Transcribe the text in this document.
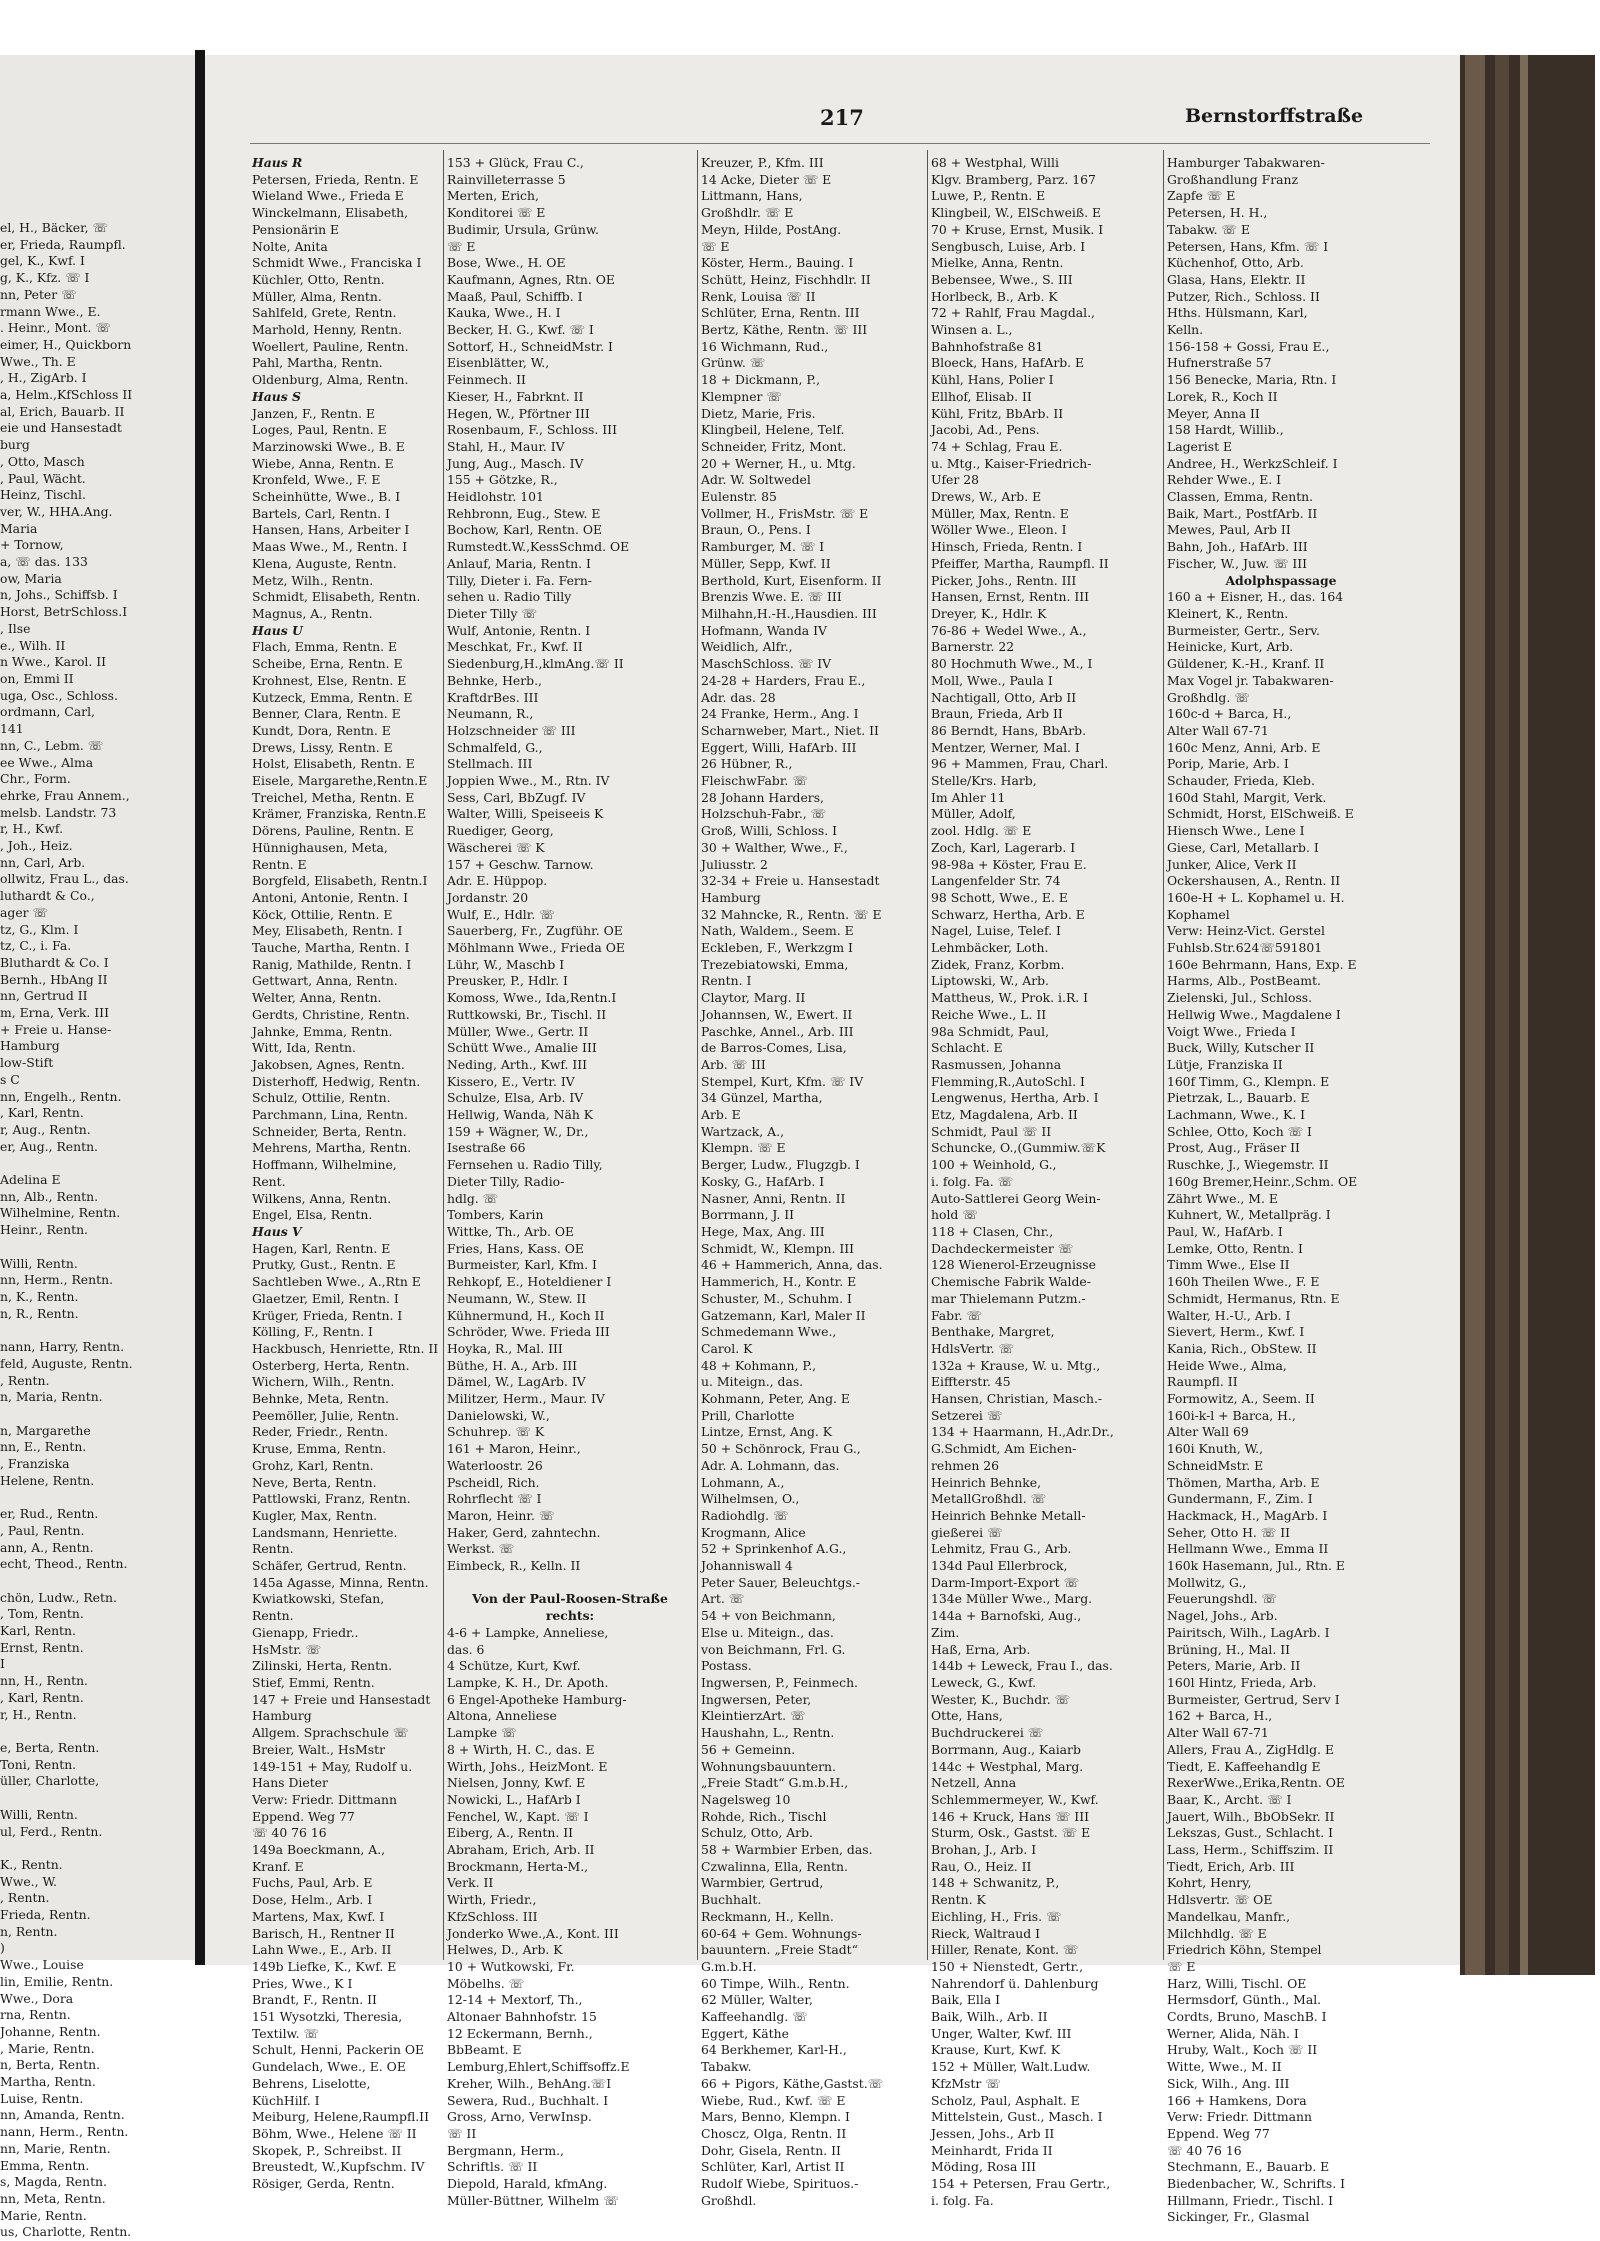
el, H., Bäcker, ☏
er, Frieda, Raumpfl.
gel, K., Kwf. I
g, K., Kfz. ☏ I
nn, Peter ☏
rmann Wwe., E.
. Heinr., Mont. ☏
eimer, H., Quickborn
Wwe., Th. E
, H., ZigArb. I
a, Helm.,KfSchloss II
al, Erich, Bauarb. II
eie und Hansestadt
burg
, Otto, Masch
, Paul, Wächt.
Heinz, Tischl.
ver, W., HHA.Ang.
Maria
+ Tornow,
a, ☏ das. 133
ow, Maria
n, Johs., Schiffsb. I
Horst, BetrSchloss.I
, Ilse
e., Wilh. II
n Wwe., Karol. II
on, Emmi II
uga, Osc., Schloss.
ordmann, Carl,
141
nn, C., Lebm. ☏
ee Wwe., Alma
Chr., Form.
ehrke, Frau Annem.,
melsb. Landstr. 73
r, H., Kwf.
, Joh., Heiz.
nn, Carl, Arb.
ollwitz, Frau L., das.
luthardt & Co.,
ager ☏
tz, G., Klm. I
tz, C., i. Fa.
Bluthardt & Co. I
Bernh., HbAng II
nn, Gertrud II
m, Erna, Verk. III
+ Freie u. Hanse-
Hamburg
low-Stift
s C
nn, Engelh., Rentn.
, Karl, Rentn.
r, Aug., Rentn.
er, Aug., Rentn.

Adelina E
nn, Alb., Rentn.
Wilhelmine, Rentn.
Heinr., Rentn.

Willi, Rentn.
nn, Herm., Rentn.
n, K., Rentn.
n, R., Rentn.

nann, Harry, Rentn.
feld, Auguste, Rentn.
, Rentn.
n, Maria, Rentn.

n, Margarethe
nn, E., Rentn.
, Franziska
Helene, Rentn.

er, Rud., Rentn.
, Paul, Rentn.
ann, A., Rentn.
echt, Theod., Rentn.

chön, Ludw., Retn.
, Tom, Rentn.
Karl, Rentn.
Ernst, Rentn.
I
nn, H., Rentn.
, Karl, Rentn.
r, H., Rentn.

e, Berta, Rentn.
Toni, Rentn.
üller, Charlotte,

Willi, Rentn.
ul, Ferd., Rentn.

K., Rentn.
Wwe., W.
, Rentn.
Frieda, Rentn.
n, Rentn.
)
Wwe., Louise
lin, Emilie, Rentn.
Wwe., Dora
rna, Rentn.
Johanne, Rentn.
, Marie, Rentn.
n, Berta, Rentn.
Martha, Rentn.
Luise, Rentn.
nn, Amanda, Rentn.
nann, Herm., Rentn.
nn, Marie, Rentn.
Emma, Rentn.
s, Magda, Rentn.
nn, Meta, Rentn.
Marie, Rentn.
us, Charlotte, Rentn.
217	Bernstorffstraße
Haus R
Petersen, Frieda, Rentn. E
Wieland Wwe., Frieda E
Winckelmann, Elisabeth,
Pensionärin E
Nolte, Anita
Schmidt Wwe., Franciska I
Küchler, Otto, Rentn.
Müller, Alma, Rentn.
Sahlfeld, Grete, Rentn.
Marhold, Henny, Rentn.
Woellert, Pauline, Rentn.
Pahl, Martha, Rentn.
Oldenburg, Alma, Rentn.
Haus S
Janzen, F., Rentn. E
Loges, Paul, Rentn. E
Marzinowski Wwe., B. E
Wiebe, Anna, Rentn. E
Kronfeld, Wwe., F. E
Scheinhütte, Wwe., B. I
Bartels, Carl, Rentn. I
Hansen, Hans, Arbeiter I
Maas Wwe., M., Rentn. I
Klena, Auguste, Rentn.
Metz, Wilh., Rentn.
Schmidt, Elisabeth, Rentn.
Magnus, A., Rentn.
Haus U
Flach, Emma, Rentn. E
Scheibe, Erna, Rentn. E
Krohnest, Else, Rentn. E
Kutzeck, Emma, Rentn. E
Benner, Clara, Rentn. E
Kundt, Dora, Rentn. E
Drews, Lissy, Rentn. E
Holst, Elisabeth, Rentn. E
Eisele, Margarethe,Rentn.E
Treichel, Metha, Rentn. E
Krämer, Franziska, Rentn.E
Dörens, Pauline, Rentn. E
Hünnighausen, Meta,
Rentn. E
Borgfeld, Elisabeth, Rentn.I
Antoni, Antonie, Rentn. I
Köck, Ottilie, Rentn. E
Mey, Elisabeth, Rentn. I
Tauche, Martha, Rentn. I
Ranig, Mathilde, Rentn. I
Gettwart, Anna, Rentn.
Welter, Anna, Rentn.
Gerdts, Christine, Rentn.
Jahnke, Emma, Rentn.
Witt, Ida, Rentn.
Jakobsen, Agnes, Rentn.
Disterhoff, Hedwig, Rentn.
Schulz, Ottilie, Rentn.
Parchmann, Lina, Rentn.
Schneider, Berta, Rentn.
Mehrens, Martha, Rentn.
Hoffmann, Wilhelmine,
Rent.
Wilkens, Anna, Rentn.
Engel, Elsa, Rentn.
Haus V
Hagen, Karl, Rentn. E
Prutky, Gust., Rentn. E
Sachtleben Wwe., A.,Rtn E
Glaetzer, Emil, Rentn. I
Krüger, Frieda, Rentn. I
Kölling, F., Rentn. I
Hackbusch, Henriette, Rtn. II
Osterberg, Herta, Rentn.
Wichern, Wilh., Rentn.
Behnke, Meta, Rentn.
Peemöller, Julie, Rentn.
Reder, Friedr., Rentn.
Kruse, Emma, Rentn.
Grohz, Karl, Rentn.
Neve, Berta, Rentn.
Pattlowski, Franz, Rentn.
Kugler, Max, Rentn.
Landsmann, Henriette.
Rentn.
Schäfer, Gertrud, Rentn.
145a Agasse, Minna, Rentn.
Kwiatkowski, Stefan,
Rentn.
Gienapp, Friedr..
HsMstr. ☏
Zilinski, Herta, Rentn.
Stief, Emmi, Rentn.
147 + Freie und Hansestadt
Hamburg
Allgem. Sprachschule ☏
Breier, Walt., HsMstr
149-151 + May, Rudolf u.
Hans Dieter
Verw: Friedr. Dittmann
Eppend. Weg 77
☏ 40 76 16
149a Boeckmann, A.,
Kranf. E
Fuchs, Paul, Arb. E
Dose, Helm., Arb. I
Martens, Max, Kwf. I
Barisch, H., Rentner II
Lahn Wwe., E., Arb. II
149b Liefke, K., Kwf. E
Pries, Wwe., K I
Brandt, F., Rentn. II
151 Wysotzki, Theresia,
Textilw. ☏
Schult, Henni, Packerin OE
Gundelach, Wwe., E. OE
Behrens, Liselotte,
KüchHilf. I
Meiburg, Helene,Raumpfl.II
Böhm, Wwe., Helene ☏ II
Skopek, P., Schreibst. II
Breustedt, W.,Kupfschm. IV
Rösiger, Gerda, Rentn.
153 + Glück, Frau C.,
Rainvilleterrasse 5
Merten, Erich,
Konditorei ☏ E
Budimir, Ursula, Grünw.
☏ E
Bose, Wwe., H. OE
Kaufmann, Agnes, Rtn. OE
Maaß, Paul, Schiffb. I
Kauka, Wwe., H. I
Becker, H. G., Kwf. ☏ I
Sottorf, H., SchneidMstr. I
Eisenblätter, W.,
Feinmech. II
Kieser, H., Fabrknt. II
Hegen, W., Pförtner III
Rosenbaum, F., Schloss. III
Stahl, H., Maur. IV
Jung, Aug., Masch. IV
155 + Götzke, R.,
Heidlohstr. 101
Rehbronn, Eug., Stew. E
Bochow, Karl, Rentn. OE
Rumstedt.W.,KessSchmd. OE
Anlauf, Maria, Rentn. I
Tilly, Dieter i. Fa. Fern-
sehen u. Radio Tilly
Dieter Tilly ☏
Wulf, Antonie, Rentn. I
Meschkat, Fr., Kwf. II
Siedenburg,H.,klmAng.☏ II
Behnke, Herb.,
KraftdrBes. III
Neumann, R.,
Holzschneider ☏ III
Schmalfeld, G.,
Stellmach. III
Joppien Wwe., M., Rtn. IV
Sess, Carl, BbZugf. IV
Walter, Willi, Speiseeis K
Ruediger, Georg,
Wäscherei ☏ K
157 + Geschw. Tarnow.
Adr. E. Hüppop.
Jordanstr. 20
Wulf, E., Hdlr. ☏
Sauerberg, Fr., Zugführ. OE
Möhlmann Wwe., Frieda OE
Lühr, W., Maschb I
Preusker, P., Hdlr. I
Komoss, Wwe., Ida,Rentn.I
Ruttkowski, Br., Tischl. II
Müller, Wwe., Gertr. II
Schütt Wwe., Amalie III
Neding, Arth., Kwf. III
Kissero, E., Vertr. IV
Schulze, Elsa, Arb. IV
Hellwig, Wanda, Näh K
159 + Wägner, W., Dr.,
Isestraße 66
Fernsehen u. Radio Tilly,
Dieter Tilly, Radio-
hdlg. ☏
Tombers, Karin
Wittke, Th., Arb. OE
Fries, Hans, Kass. OE
Burmeister, Karl, Kfm. I
Rehkopf, E., Hoteldiener I
Neumann, W., Stew. II
Kühnermund, H., Koch II
Schröder, Wwe. Frieda III
Hoyka, R., Mal. III
Büthe, H. A., Arb. III
Dämel, W., LagArb. IV
Militzer, Herm., Maur. IV
Danielowski, W.,
Schuhrep. ☏ K
161 + Maron, Heinr.,
Waterloostr. 26
Pscheidl, Rich.
Rohrflecht ☏ I
Maron, Heinr. ☏
Haker, Gerd, zahntechn.
Werkst. ☏
Eimbeck, R., Kelln. II

Von der Paul-Roosen-Straße
rechts:
4-6 + Lampke, Anneliese,
das. 6
4 Schütze, Kurt, Kwf.
Lampke, K. H., Dr. Apoth.
6 Engel-Apotheke Hamburg-
Altona, Anneliese
Lampke ☏
8 + Wirth, H. C., das. E
Wirth, Johs., HeizMont. E
Nielsen, Jonny, Kwf. E
Nowicki, L., HafArb I
Fenchel, W., Kapt. ☏ I
Eiberg, A., Rentn. II
Abraham, Erich, Arb. II
Brockmann, Herta-M.,
Verk. II
Wirth, Friedr.,
KfzSchloss. III
Jonderko Wwe.,A., Kont. III
Helwes, D., Arb. K
10 + Wutkowski, Fr.
Möbelhs. ☏
12-14 + Mextorf, Th.,
Altonaer Bahnhofstr. 15
12 Eckermann, Bernh.,
BbBeamt. E
Lemburg,Ehlert,Schiffsoffz.E
Kreher, Wilh., BehAng.☏I
Sewera, Rud., Buchhalt. I
Gross, Arno, VerwInsp.
☏ II
Bergmann, Herm.,
Schriftls. ☏ II
Diepold, Harald, kfmAng.
Müller-Büttner, Wilhelm ☏
Kreuzer, P., Kfm. III
14 Acke, Dieter ☏ E
Littmann, Hans,
Großhdlr. ☏ E
Meyn, Hilde, PostAng.
☏ E
Köster, Herm., Bauing. I
Schütt, Heinz, Fischhdlr. II
Renk, Louisa ☏ II
Schlüter, Erna, Rentn. III
Bertz, Käthe, Rentn. ☏ III
16 Wichmann, Rud.,
Grünw. ☏
18 + Dickmann, P.,
Klempner ☏
Dietz, Marie, Fris.
Klingbeil, Helene, Telf.
Schneider, Fritz, Mont.
20 + Werner, H., u. Mtg.
Adr. W. Soltwedel
Eulenstr. 85
Vollmer, H., FrisMstr. ☏ E
Braun, O., Pens. I
Ramburger, M. ☏ I
Müller, Sepp, Kwf. II
Berthold, Kurt, Eisenform. II
Brenzis Wwe. E. ☏ III
Milhahn,H.-H.,Hausdien. III
Hofmann, Wanda IV
Weidlich, Alfr.,
MaschSchloss. ☏ IV
24-28 + Harders, Frau E.,
Adr. das. 28
24 Franke, Herm., Ang. I
Scharnweber, Mart., Niet. II
Eggert, Willi, HafArb. III
26 Hübner, R.,
FleischwFabr. ☏
28 Johann Harders,
Holzschuh-Fabr., ☏
Groß, Willi, Schloss. I
30 + Walther, Wwe., F.,
Juliusstr. 2
32-34 + Freie u. Hansestadt
Hamburg
32 Mahncke, R., Rentn. ☏ E
Nath, Waldem., Seem. E
Eckleben, F., Werkzgm I
Trezebiatowski, Emma,
Rentn. I
Claytor, Marg. II
Johannsen, W., Ewert. II
Paschke, Annel., Arb. III
de Barros-Comes, Lisa,
Arb. ☏ III
Stempel, Kurt, Kfm. ☏ IV
34 Günzel, Martha,
Arb. E
Wartzack, A.,
Klempn. ☏ E
Berger, Ludw., Flugzgb. I
Kosky, G., HafArb. I
Nasner, Anni, Rentn. II
Borrmann, J. II
Hege, Max, Ang. III
Schmidt, W., Klempn. III
46 + Hammerich, Anna, das.
Hammerich, H., Kontr. E
Schuster, M., Schuhm. I
Gatzemann, Karl, Maler II
Schmedemann Wwe.,
Carol. K
48 + Kohmann, P.,
u. Miteign., das.
Kohmann, Peter, Ang. E
Prill, Charlotte
Lintze, Ernst, Ang. K
50 + Schönrock, Frau G.,
Adr. A. Lohmann, das.
Lohmann, A.,
Wilhelmsen, O.,
Radiohdlg. ☏
Krogmann, Alice
52 + Sprinkenhof A.G.,
Johanniswall 4
Peter Sauer, Beleuchtgs.-
Art. ☏
54 + von Beichmann,
Else u. Miteign., das.
von Beichmann, Frl. G.
Postass.
Ingwersen, P., Feinmech.
Ingwersen, Peter,
KleintierzArt. ☏
Haushahn, L., Rentn.
56 + Gemeinn.
Wohnungsbauuntern.
„Freie Stadt“ G.m.b.H.,
Nagelsweg 10
Rohde, Rich., Tischl
Schulz, Otto, Arb.
58 + Warmbier Erben, das.
Czwalinna, Ella, Rentn.
Warmbier, Gertrud,
Buchhalt.
Reckmann, H., Kelln.
60-64 + Gem. Wohnungs-
bauuntern. „Freie Stadt“
G.m.b.H.
60 Timpe, Wilh., Rentn.
62 Müller, Walter,
Kaffeehandlg. ☏
Eggert, Käthe
64 Berkhemer, Karl-H.,
Tabakw.
66 + Pigors, Käthe,Gastst.☏
Wiebe, Rud., Kwf. ☏ E
Mars, Benno, Klempn. I
Choscz, Olga, Rentn. II
Dohr, Gisela, Rentn. II
Schlüter, Karl, Artist II
Rudolf Wiebe, Spirituos.-
Großhdl.
68 + Westphal, Willi
Klgv. Bramberg, Parz. 167
Luwe, P., Rentn. E
Klingbeil, W., ElSchweiß. E
70 + Kruse, Ernst, Musik. I
Sengbusch, Luise, Arb. I
Mielke, Anna, Rentn.
Bebensee, Wwe., S. III
Horlbeck, B., Arb. K
72 + Rahlf, Frau Magdal.,
Winsen a. L.,
Bahnhofstraße 81
Bloeck, Hans, HafArb. E
Kühl, Hans, Polier I
Ellhof, Elisab. II
Kühl, Fritz, BbArb. II
Jacobi, Ad., Pens.
74 + Schlag, Frau E.
u. Mtg., Kaiser-Friedrich-
Ufer 28
Drews, W., Arb. E
Müller, Max, Rentn. E
Wöller Wwe., Eleon. I
Hinsch, Frieda, Rentn. I
Pfeiffer, Martha, Raumpfl. II
Picker, Johs., Rentn. III
Hansen, Ernst, Rentn. III
Dreyer, K., Hdlr. K
76-86 + Wedel Wwe., A.,
Barnerstr. 22
80 Hochmuth Wwe., M., I
Moll, Wwe., Paula I
Nachtigall, Otto, Arb II
Braun, Frieda, Arb II
86 Berndt, Hans, BbArb.
Mentzer, Werner, Mal. I
96 + Mammen, Frau, Charl.
Stelle/Krs. Harb,
Im Ahler 11
Müller, Adolf,
zool. Hdlg. ☏ E
Zoch, Karl, Lagerarb. I
98-98a + Köster, Frau E.
Langenfelder Str. 74
98 Schott, Wwe., E. E
Schwarz, Hertha, Arb. E
Nagel, Luise, Telef. I
Lehmbäcker, Loth.
Zidek, Franz, Korbm.
Liptowski, W., Arb.
Mattheus, W., Prok. i.R. I
Reiche Wwe., L. II
98a Schmidt, Paul,
Schlacht. E
Rasmussen, Johanna
Flemming,R.,AutoSchl. I
Lengwenus, Hertha, Arb. I
Etz, Magdalena, Arb. II
Schmidt, Paul ☏ II
Schuncke, O.,(Gummiw.☏K
100 + Weinhold, G.,
i. folg. Fa. ☏
Auto-Sattlerei Georg Wein-
hold ☏
118 + Clasen, Chr.,
Dachdeckermeister ☏
128 Wienerol-Erzeugnisse
Chemische Fabrik Walde-
mar Thielemann Putzm.-
Fabr. ☏
Benthake, Margret,
HdlsVertr. ☏
132a + Krause, W. u. Mtg.,
Eiffterstr. 45
Hansen, Christian, Masch.-
Setzerei ☏
134 + Haarmann, H.,Adr.Dr.,
G.Schmidt, Am Eichen-
rehmen 26
Heinrich Behnke,
MetallGroßhdl. ☏
Heinrich Behnke Metall-
gießerei ☏
Lehmitz, Frau G., Arb.
134d Paul Ellerbrock,
Darm-Import-Export ☏
134e Müller Wwe., Marg.
144a + Barnofski, Aug.,
Zim.
Haß, Erna, Arb.
144b + Leweck, Frau I., das.
Leweck, G., Kwf.
Wester, K., Buchdr. ☏
Otte, Hans,
Buchdruckerei ☏
Borrmann, Aug., Kaiarb
144c + Westphal, Marg.
Netzell, Anna
Schlemmermeyer, W., Kwf.
146 + Kruck, Hans ☏ III
Sturm, Osk., Gastst. ☏ E
Brohan, J., Arb. I
Rau, O., Heiz. II
148 + Schwanitz, P.,
Rentn. K
Eichling, H., Fris. ☏
Rieck, Waltraud I
Hiller, Renate, Kont. ☏
150 + Nienstedt, Gertr.,
Nahrendorf ü. Dahlenburg
Baik, Ella I
Baik, Wilh., Arb. II
Unger, Walter, Kwf. III
Krause, Kurt, Kwf. K
152 + Müller, Walt.Ludw.
KfzMstr ☏
Scholz, Paul, Asphalt. E
Mittelstein, Gust., Masch. I
Jessen, Johs., Arb II
Meinhardt, Frida II
Möding, Rosa III
154 + Petersen, Frau Gertr.,
i. folg. Fa.
Hamburger Tabakwaren-
Großhandlung Franz
Zapfe ☏ E
Petersen, H. H.,
Tabakw. ☏ E
Petersen, Hans, Kfm. ☏ I
Küchenhof, Otto, Arb.
Glasa, Hans, Elektr. II
Putzer, Rich., Schloss. II
Hths. Hülsmann, Karl,
Kelln.
156-158 + Gossi, Frau E.,
Hufnerstraße 57
156 Benecke, Maria, Rtn. I
Lorek, R., Koch II
Meyer, Anna II
158 Hardt, Willib.,
Lagerist E
Andree, H., WerkzSchleif. I
Rehder Wwe., E. I
Classen, Emma, Rentn.
Baik, Mart., PostfArb. II
Mewes, Paul, Arb II
Bahn, Joh., HafArb. III
Fischer, W., Juw. ☏ III
Adolphspassage
160 a + Eisner, H., das. 164
Kleinert, K., Rentn.
Burmeister, Gertr., Serv.
Heinicke, Kurt, Arb.
Güldener, K.-H., Kranf. II
Max Vogel jr. Tabakwaren-
Großhdlg. ☏
160c-d + Barca, H.,
Alter Wall 67-71
160c Menz, Anni, Arb. E
Porip, Marie, Arb. I
Schauder, Frieda, Kleb.
160d Stahl, Margit, Verk.
Schmidt, Horst, ElSchweiß. E
Hiensch Wwe., Lene I
Giese, Carl, Metallarb. I
Junker, Alice, Verk II
Ockershausen, A., Rentn. II
160e-H + L. Kophamel u. H.
Kophamel
Verw: Heinz-Vict. Gerstel
Fuhlsb.Str.624☏591801
160e Behrmann, Hans, Exp. E
Harms, Alb., PostBeamt.
Zielenski, Jul., Schloss.
Hellwig Wwe., Magdalene I
Voigt Wwe., Frieda I
Buck, Willy, Kutscher II
Lütje, Franziska II
160f Timm, G., Klempn. E
Pietrzak, L., Bauarb. E
Lachmann, Wwe., K. I
Schlee, Otto, Koch ☏ I
Prost, Aug., Fräser II
Ruschke, J., Wiegemstr. II
160g Bremer,Heinr.,Schm. OE
Zährt Wwe., M. E
Kuhnert, W., Metallpräg. I
Paul, W., HafArb. I
Lemke, Otto, Rentn. I
Timm Wwe., Else II
160h Theilen Wwe., F. E
Schmidt, Hermanus, Rtn. E
Walter, H.-U., Arb. I
Sievert, Herm., Kwf. I
Kania, Rich., ObStew. II
Heide Wwe., Alma,
Raumpfl. II
Formowitz, A., Seem. II
160i-k-l + Barca, H.,
Alter Wall 69
160i Knuth, W.,
SchneidMstr. E
Thömen, Martha, Arb. E
Gundermann, F., Zim. I
Hackmack, H., MagArb. I
Seher, Otto H. ☏ II
Hellmann Wwe., Emma II
160k Hasemann, Jul., Rtn. E
Mollwitz, G.,
Feuerungshdl. ☏
Nagel, Johs., Arb.
Pairitsch, Wilh., LagArb. I
Brüning, H., Mal. II
Peters, Marie, Arb. II
160l Hintz, Frieda, Arb.
Burmeister, Gertrud, Serv I
162 + Barca, H.,
Alter Wall 67-71
Allers, Frau A., ZigHdlg. E
Tiedt, E. Kaffeehandlg E
RexerWwe.,Erika,Rentn. OE
Baar, K., Archt. ☏ I
Jauert, Wilh., BbObSekr. II
Lekszas, Gust., Schlacht. I
Lass, Herm., Schiffszim. II
Tiedt, Erich, Arb. III
Kohrt, Henry,
Hdlsvertr. ☏ OE
Mandelkau, Manfr.,
Milchhdlg. ☏ E
Friedrich Köhn, Stempel
☏ E
Harz, Willi, Tischl. OE
Hermsdorf, Günth., Mal.
Cordts, Bruno, MaschB. I
Werner, Alida, Näh. I
Hruby, Walt., Koch ☏ II
Witte, Wwe., M. II
Sick, Wilh., Ang. III
166 + Hamkens, Dora
Verw: Friedr. Dittmann
Eppend. Weg 77
☏ 40 76 16
Stechmann, E., Bauarb. E
Biedenbacher, W., Schrifts. I
Hillmann, Friedr., Tischl. I
Sickinger, Fr., Glasmal
